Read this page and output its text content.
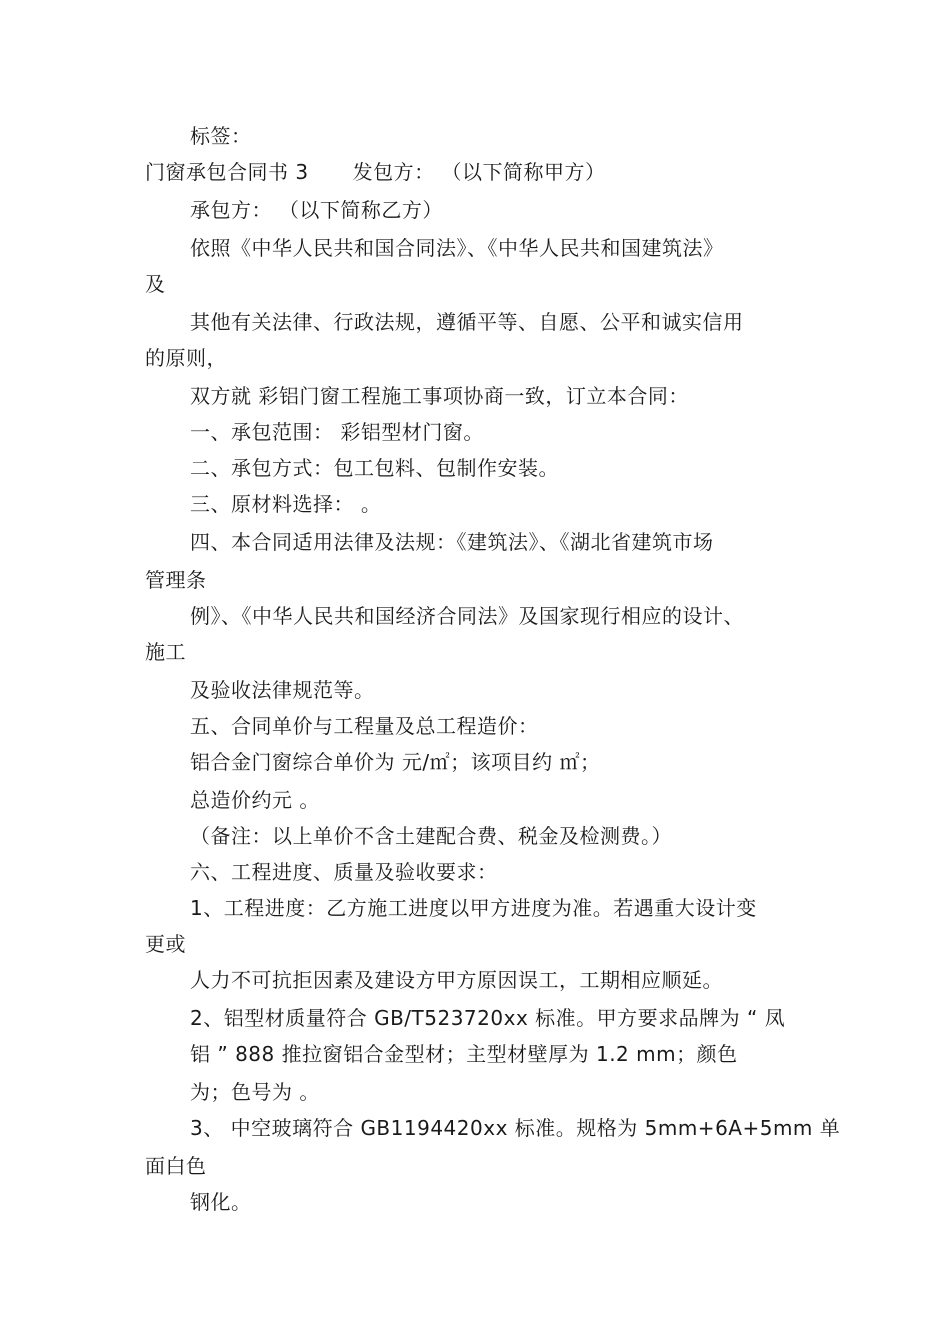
标签：
门窗承包合同书 3 发包方： （以下简称甲方）
承包方： （以下简称乙方）
依照《中华人民共和国合同法》、《中华人民共和国建筑法》
及
其他有关法律、行政法规，遵循平等、自愿、公平和诚实信用
的原则，
双方就 彩铝门窗工程施工事项协商一致，订立本合同：
一、承包范围： 彩铝型材门窗。
二、承包方式：包工包料、包制作安装。
三、原材料选择： 。
四、本合同适用法律及法规：《建筑法》、《湖北省建筑市场
管理条
例》、《中华人民共和国经济合同法》及国家现行相应的设计、
施工
及验收法律规范等。
五、合同单价与工程量及总工程造价：
铝合金门窗综合单价为 元/㎡；该项目约 ㎡；
总造价约元 。
（备注：以上单价不含土建配合费、税金及检测费。）
六、工程进度、质量及验收要求：
1、工程进度：乙方施工进度以甲方进度为准。若遇重大设计变
更或
人力不可抗拒因素及建设方甲方原因误工，工期相应顺延。
2、铝型材质量符合 GB/T523720xx 标准。甲方要求品牌为 “ 凤
铝 ” 888 推拉窗铝合金型材；主型材壁厚为 1.2 mm；颜色
为；色号为 。
3、 中空玻璃符合 GB1194420xx 标准。规格为 5mm+6A+5mm 单
面白色
钢化。
